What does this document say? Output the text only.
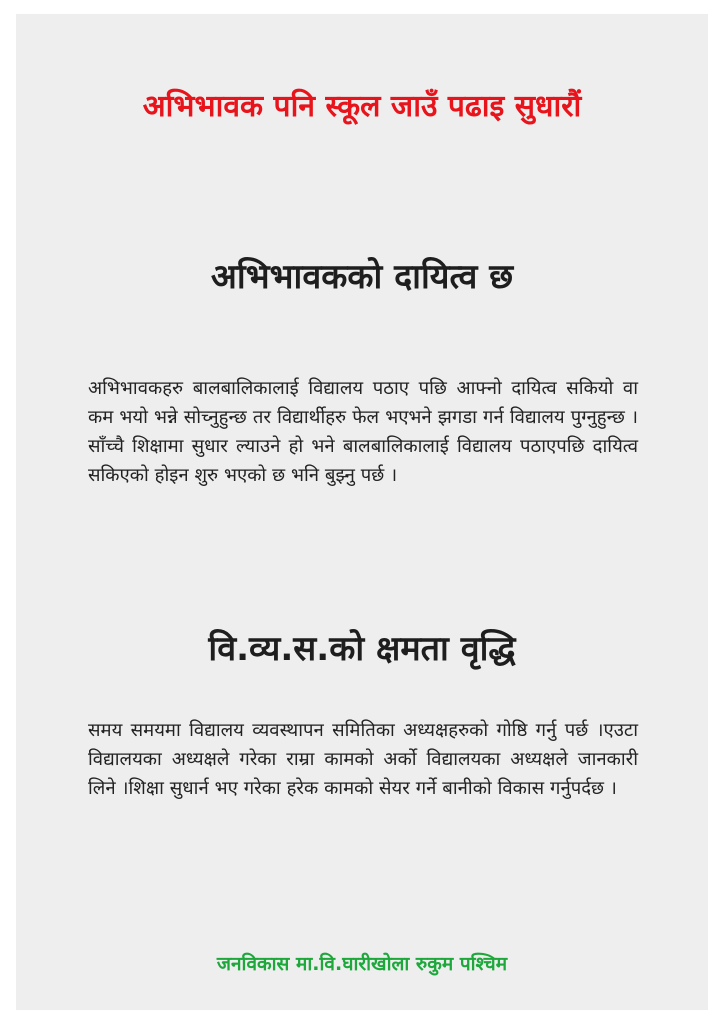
अभिभावक पनि स्कूल जाउँ पढाइ सुधारौं
अभिभावकको दायित्व छ
अभिभावकहरु बालबालिकालाई विद्यालय पठाए पछि आफ्नो दायित्व सकियो वा कम भयो भन्ने सोच्नुहुन्छ तर विद्यार्थीहरु फेल भएभने झगडा गर्न विद्यालय पुग्नुहुन्छ ।साँच्चै शिक्षामा सुधार ल्याउने हो भने बालबालिकालाई विद्यालय पठाएपछि दायित्व सकिएको होइन शुरु भएको छ भनि बुझ्नु पर्छ ।
वि.व्य.स.को क्षमता वृद्धि
समय समयमा विद्यालय व्यवस्थापन समितिका अध्यक्षहरुको गोष्ठि गर्नु पर्छ ।एउटा विद्यालयका अध्यक्षले गरेका राम्रा कामको अर्को विद्यालयका अध्यक्षले जानकारी लिने ।शिक्षा सुधार्न भए गरेका हरेक कामको सेयर गर्ने बानीको विकास गर्नुपर्दछ ।
जनविकास मा.वि.घारीखोला रुकुम पश्चिम
